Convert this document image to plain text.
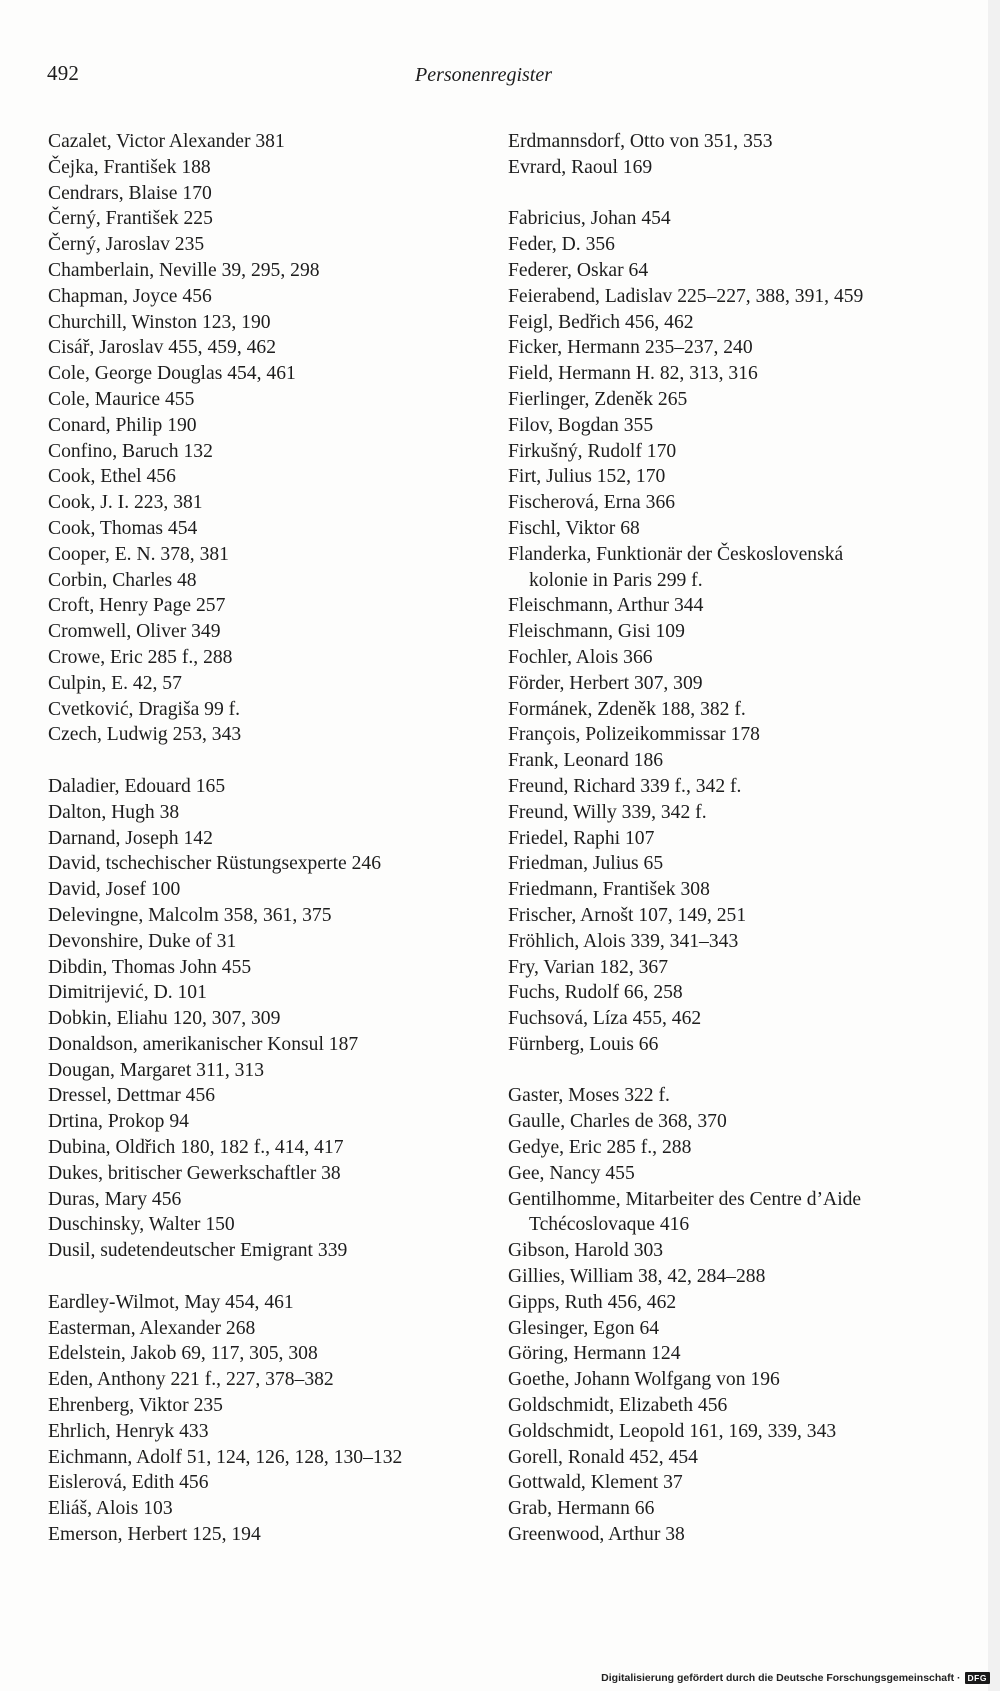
492	Personenregister
Cazalet, Victor Alexander 381
Čejka, František 188
Cendrars, Blaise 170
Černý, František 225
Černý, Jaroslav 235
Chamberlain, Neville 39, 295, 298
Chapman, Joyce 456
Churchill, Winston 123, 190
Cisář, Jaroslav 455, 459, 462
Cole, George Douglas 454, 461
Cole, Maurice 455
Conard, Philip 190
Confino, Baruch 132
Cook, Ethel 456
Cook, J. I. 223, 381
Cook, Thomas 454
Cooper, E. N. 378, 381
Corbin, Charles 48
Croft, Henry Page 257
Cromwell, Oliver 349
Crowe, Eric 285 f., 288
Culpin, E. 42, 57
Cvetković, Dragiša 99 f.
Czech, Ludwig 253, 343
Daladier, Edouard 165
Dalton, Hugh 38
Darnand, Joseph 142
David, tschechischer Rüstungsexperte 246
David, Josef 100
Delevingne, Malcolm 358, 361, 375
Devonshire, Duke of 31
Dibdin, Thomas John 455
Dimitrijević, D. 101
Dobkin, Eliahu 120, 307, 309
Donaldson, amerikanischer Konsul 187
Dougan, Margaret 311, 313
Dressel, Dettmar 456
Drtina, Prokop 94
Dubina, Oldřich 180, 182 f., 414, 417
Dukes, britischer Gewerkschaftler 38
Duras, Mary 456
Duschinsky, Walter 150
Dusil, sudetendeutscher Emigrant 339
Eardley-Wilmot, May 454, 461
Easterman, Alexander 268
Edelstein, Jakob 69, 117, 305, 308
Eden, Anthony 221 f., 227, 378–382
Ehrenberg, Viktor 235
Ehrlich, Henryk 433
Eichmann, Adolf 51, 124, 126, 128, 130–132
Eislerová, Edith 456
Eliáš, Alois 103
Emerson, Herbert 125, 194
Erdmannsdorf, Otto von 351, 353
Evrard, Raoul 169
Fabricius, Johan 454
Feder, D. 356
Federer, Oskar 64
Feierabend, Ladislav 225–227, 388, 391, 459
Feigl, Bedřich 456, 462
Ficker, Hermann 235–237, 240
Field, Hermann H. 82, 313, 316
Fierlinger, Zdeněk 265
Filov, Bogdan 355
Firkušný, Rudolf 170
Firt, Julius 152, 170
Fischerová, Erna 366
Fischl, Viktor 68
Flanderka, Funktionär der Československá
kolonie in Paris 299 f.
Fleischmann, Arthur 344
Fleischmann, Gisi 109
Fochler, Alois 366
Förder, Herbert 307, 309
Formánek, Zdeněk 188, 382 f.
François, Polizeikommissar 178
Frank, Leonard 186
Freund, Richard 339 f., 342 f.
Freund, Willy 339, 342 f.
Friedel, Raphi 107
Friedman, Julius 65
Friedmann, František 308
Frischer, Arnošt 107, 149, 251
Fröhlich, Alois 339, 341–343
Fry, Varian 182, 367
Fuchs, Rudolf 66, 258
Fuchsová, Líza 455, 462
Fürnberg, Louis 66
Gaster, Moses 322 f.
Gaulle, Charles de 368, 370
Gedye, Eric 285 f., 288
Gee, Nancy 455
Gentilhomme, Mitarbeiter des Centre d’Aide
Tchécoslovaque 416
Gibson, Harold 303
Gillies, William 38, 42, 284–288
Gipps, Ruth 456, 462
Glesinger, Egon 64
Göring, Hermann 124
Goethe, Johann Wolfgang von 196
Goldschmidt, Elizabeth 456
Goldschmidt, Leopold 161, 169, 339, 343
Gorell, Ronald 452, 454
Gottwald, Klement 37
Grab, Hermann 66
Greenwood, Arthur 38
Digitalisierung gefördert durch die Deutsche Forschungsgemeinschaft · DFG
